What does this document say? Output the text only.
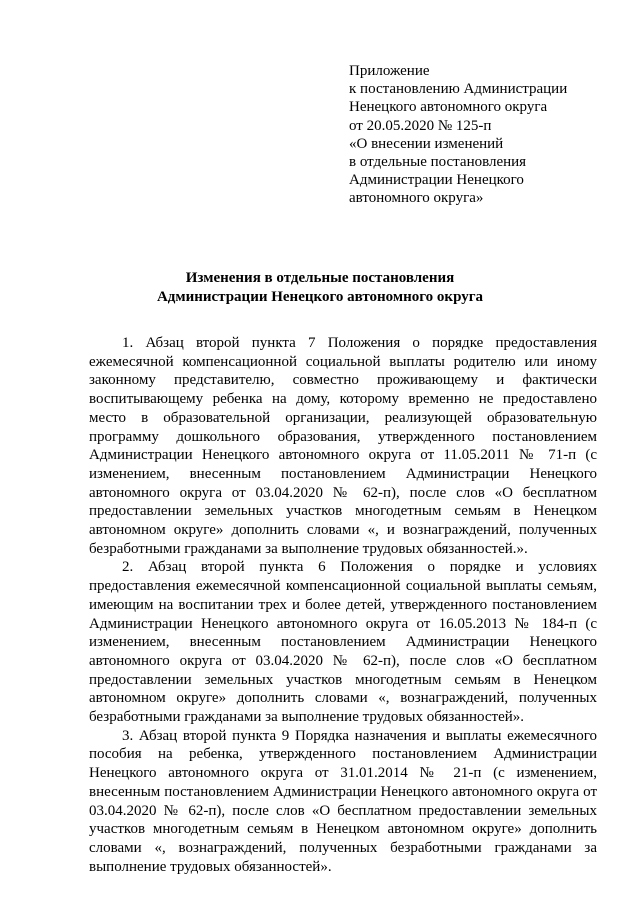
Приложение
к постановлению Администрации
Ненецкого автономного округа
от 20.05.2020 № 125-п
«О внесении изменений
в отдельные постановления
Администрации Ненецкого
автономного округа»
Изменения в отдельные постановления
Администрации Ненецкого автономного округа

1. Абзац второй пункта 7 Положения о порядке предоставления ежемесячной компенсационной социальной выплаты родителю или иному законному представителю, совместно проживающему и фактически воспитывающему ребенка на дому, которому временно не предоставлено место в образовательной организации, реализующей образовательную программу дошкольного образования, утвержденного постановлением Администрации Ненецкого автономного округа от 11.05.2011 № 71-п (с изменением, внесенным постановлением Администрации Ненецкого автономного округа от 03.04.2020 № 62-п), после слов «О бесплатном предоставлении земельных участков многодетным семьям в Ненецком автономном округе» дополнить словами «, и вознаграждений, полученных безработными гражданами за выполнение трудовых обязанностей.».

2. Абзац второй пункта 6 Положения о порядке и условиях предоставления ежемесячной компенсационной социальной выплаты семьям, имеющим на воспитании трех и более детей, утвержденного постановлением Администрации Ненецкого автономного округа от 16.05.2013 № 184-п (с изменением, внесенным постановлением Администрации Ненецкого автономного округа от 03.04.2020 № 62-п), после слов «О бесплатном предоставлении земельных участков многодетным семьям в Ненецком автономном округе» дополнить словами «, вознаграждений, полученных безработными гражданами за выполнение трудовых обязанностей».

3. Абзац второй пункта 9 Порядка назначения и выплаты ежемесячного пособия на ребенка, утвержденного постановлением Администрации Ненецкого автономного округа от 31.01.2014 № 21-п (с изменением, внесенным постановлением Администрации Ненецкого автономного округа от 03.04.2020 № 62-п), после слов «О бесплатном предоставлении земельных участков многодетным семьям в Ненецком автономном округе» дополнить словами «, вознаграждений, полученных безработными гражданами за выполнение трудовых обязанностей».
